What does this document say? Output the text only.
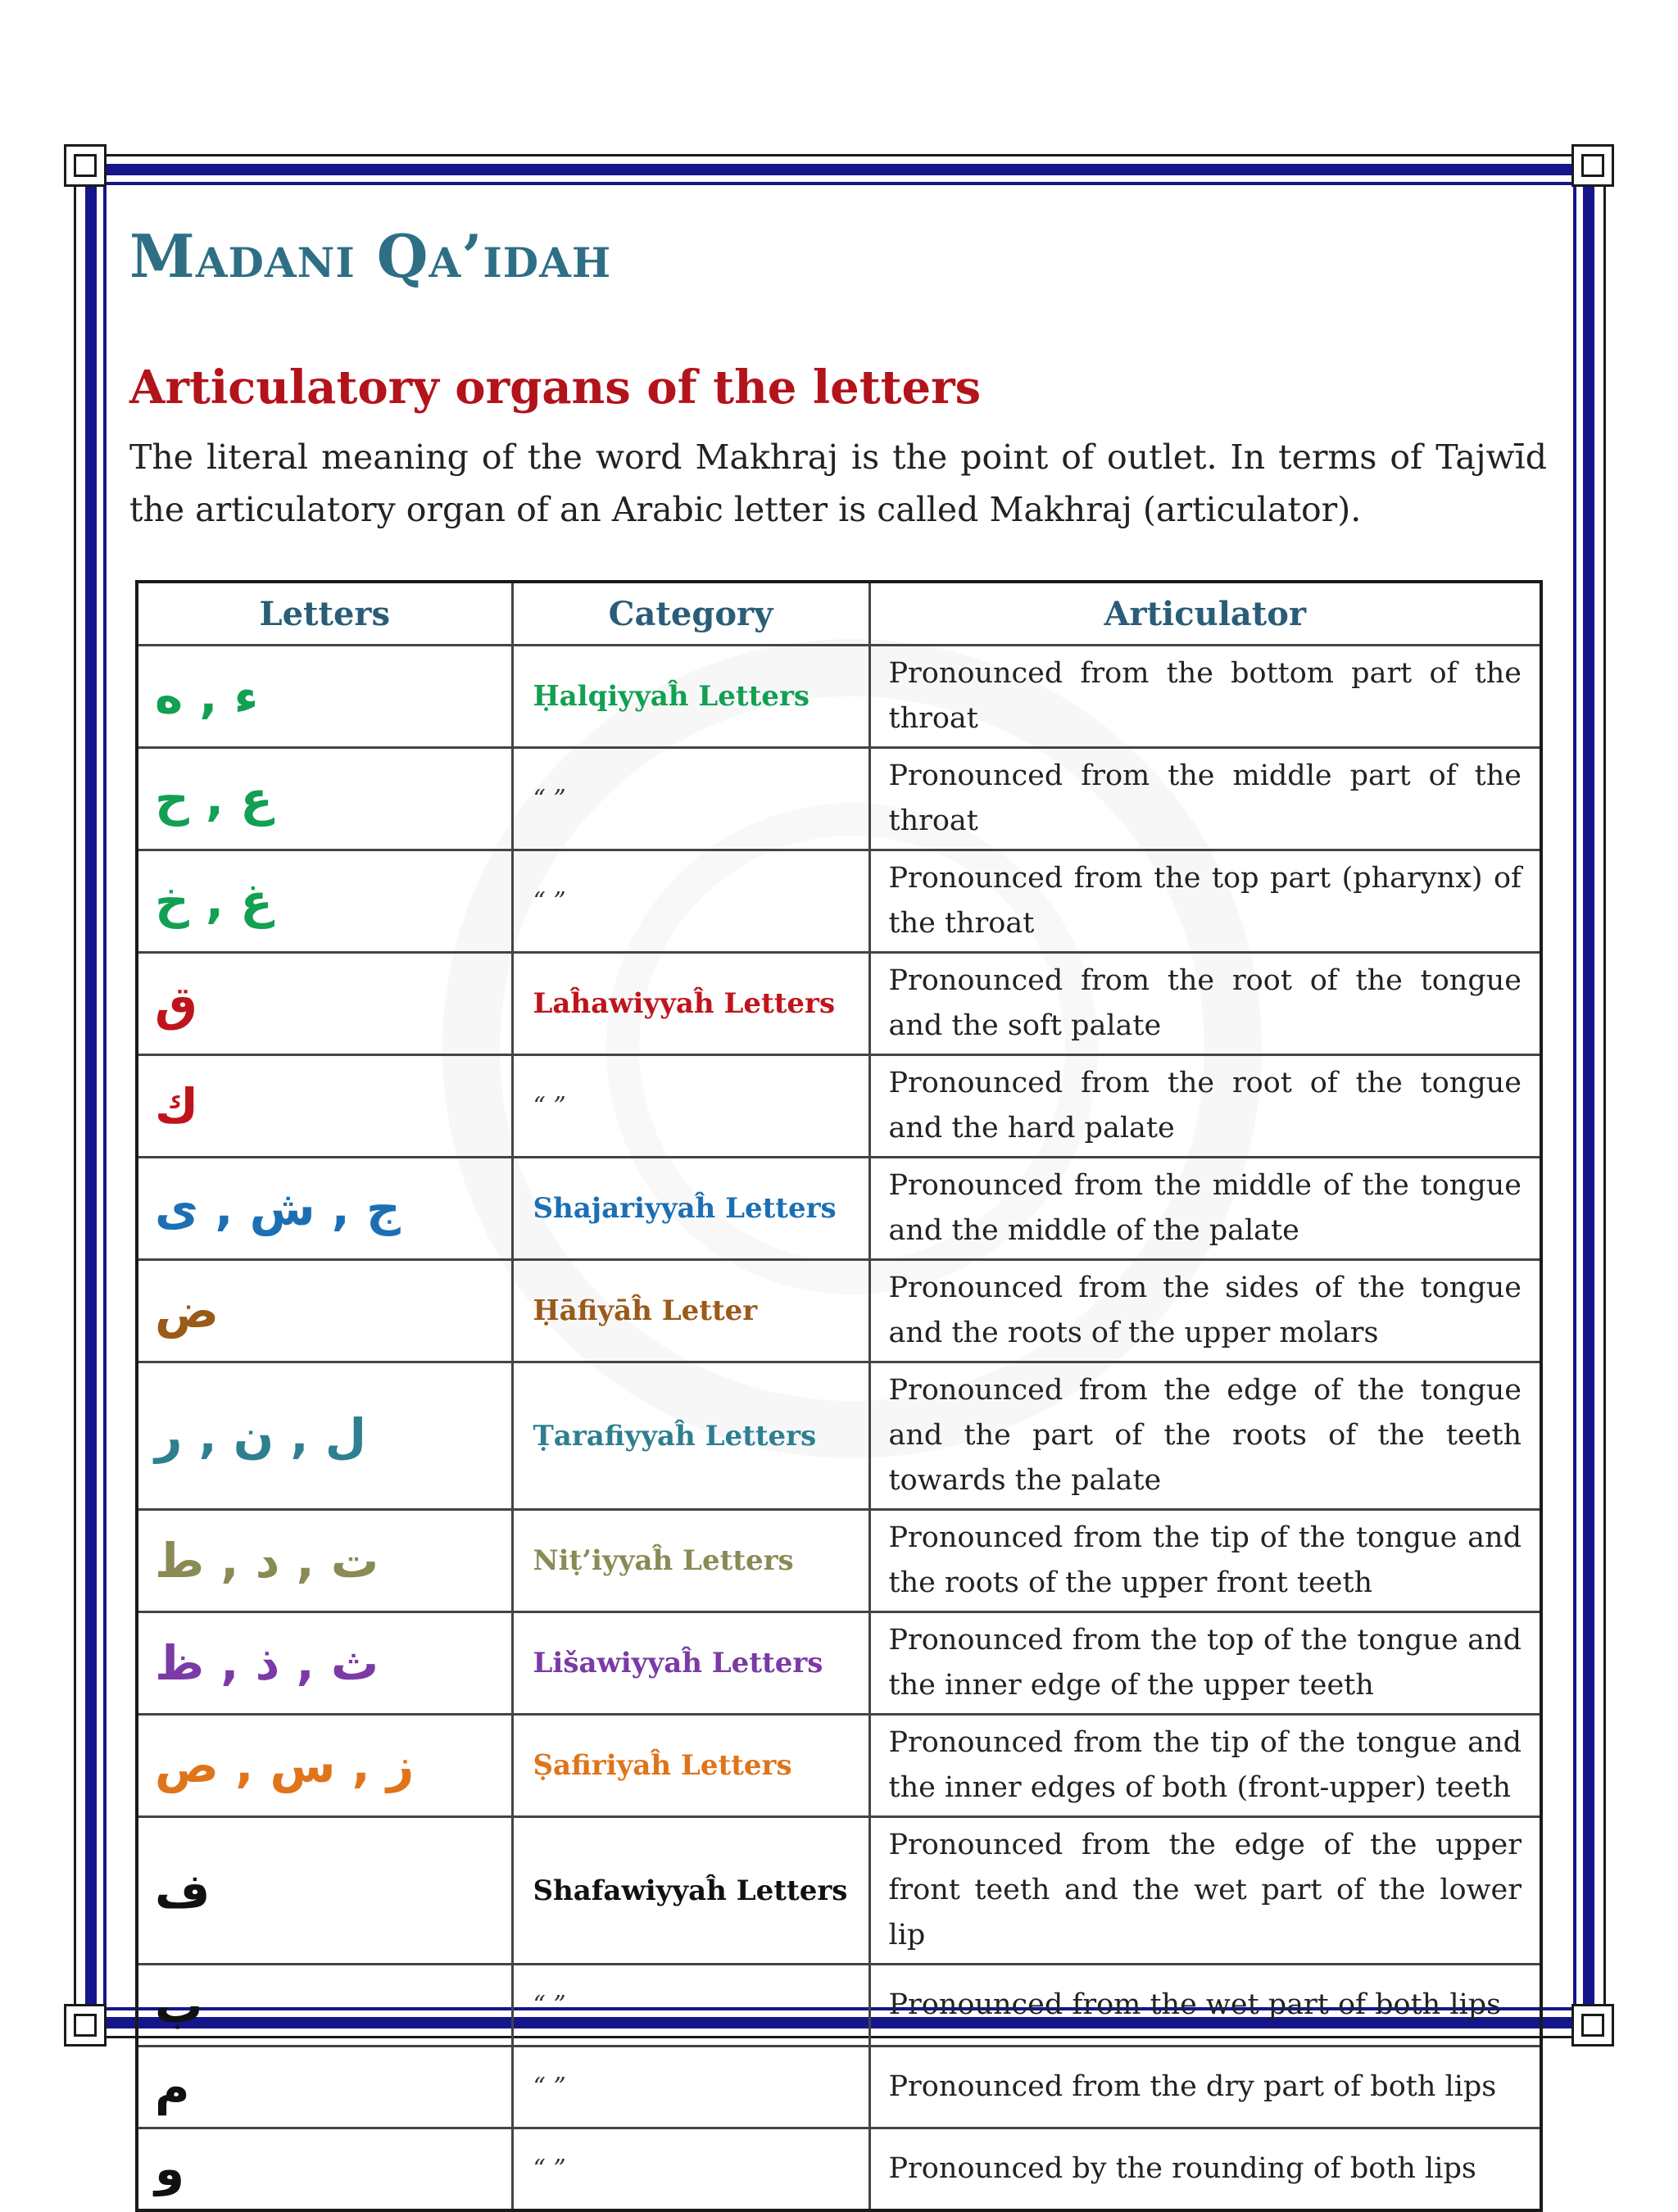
Madani Qa’idah
Articulatory organs of the letters

The literal meaning of the word Makhraj is the point of outlet. In terms of Tajwīd the articulatory organ of an Arabic letter is called Makhraj (articulator).

Letters	Category	Articulator
ء , ه	Ḥalqiyyaĥ Letters	Pronounced from the bottom part of the throat
ع , ح	“ ”	Pronounced from the middle part of the throat
غ , خ	“ ”	Pronounced from the top part (pharynx) of the throat
ق	Laĥawiyyaĥ Letters	Pronounced from the root of the tongue and the soft palate
ك	“ ”	Pronounced from the root of the tongue and the hard palate
ج , ش , ى	Shajariyyaĥ Letters	Pronounced from the middle of the tongue and the middle of the palate
ض	Ḥāfiyāĥ Letter	Pronounced from the sides of the tongue and the roots of the upper molars
ل , ن , ر	Ṭarafiyyaĥ Letters	Pronounced from the edge of the tongue and the part of the roots of the teeth towards the palate
ت , د , ط	Niṭ’iyyaĥ Letters	Pronounced from the tip of the tongue and the roots of the upper front teeth
ث , ذ , ظ	Lišawiyyaĥ Letters	Pronounced from the top of the tongue and the inner edge of the upper teeth
ز , س , ص	Ṣafiriyaĥ Letters	Pronounced from the tip of the tongue and the inner edges of both (front-upper) teeth
ف	Shafawiyyaĥ Letters	Pronounced from the edge of the upper front teeth and the wet part of the lower lip
ب	“ ”	Pronounced from the wet part of both lips
م	“ ”	Pronounced from the dry part of both lips
و	“ ”	Pronounced by the rounding of both lips
